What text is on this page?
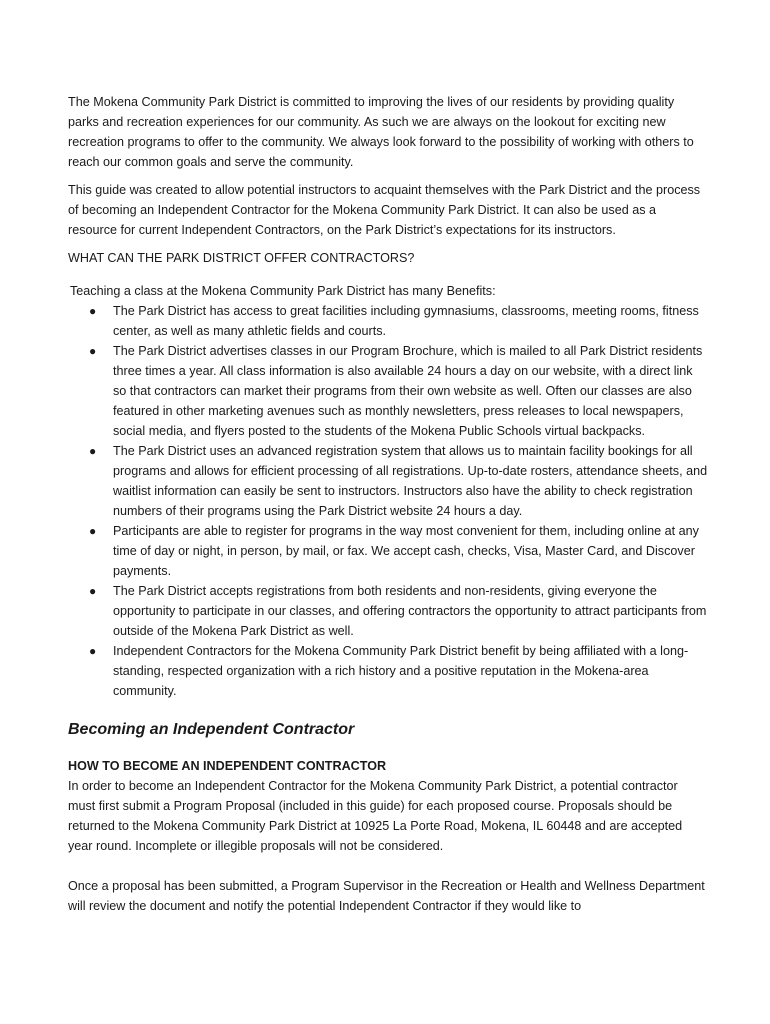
The Mokena Community Park District is committed to improving the lives of our residents by providing quality parks and recreation experiences for our community. As such we are always on the lookout for exciting new recreation programs to offer to the community. We always look forward to the possibility of working with others to reach our common goals and serve the community.

This guide was created to allow potential instructors to acquaint themselves with the Park District and the process of becoming an Independent Contractor for the Mokena Community Park District. It can also be used as a resource for current Independent Contractors, on the Park District’s expectations for its instructors.

WHAT CAN THE PARK DISTRICT OFFER CONTRACTORS?

Teaching a class at the Mokena Community Park District has many Benefits:

● The Park District has access to great facilities including gymnasiums, classrooms, meeting rooms, fitness center, as well as many athletic fields and courts.
● The Park District advertises classes in our Program Brochure, which is mailed to all Park District residents three times a year. All class information is also available 24 hours a day on our website, with a direct link so that contractors can market their programs from their own website as well. Often our classes are also featured in other marketing avenues such as monthly newsletters, press releases to local newspapers, social media, and flyers posted to the students of the Mokena Public Schools virtual backpacks.
● The Park District uses an advanced registration system that allows us to maintain facility bookings for all programs and allows for efficient processing of all registrations. Up-to-date rosters, attendance sheets, and waitlist information can easily be sent to instructors. Instructors also have the ability to check registration numbers of their programs using the Park District website 24 hours a day.
● Participants are able to register for programs in the way most convenient for them, including online at any time of day or night, in person, by mail, or fax. We accept cash, checks, Visa, Master Card, and Discover payments.
● The Park District accepts registrations from both residents and non-residents, giving everyone the opportunity to participate in our classes, and offering contractors the opportunity to attract participants from outside of the Mokena Park District as well.
● Independent Contractors for the Mokena Community Park District benefit by being affiliated with a long-standing, respected organization with a rich history and a positive reputation in the Mokena-area community.
Becoming an Independent Contractor

HOW TO BECOME AN INDEPENDENT CONTRACTOR

In order to become an Independent Contractor for the Mokena Community Park District, a potential contractor must first submit a Program Proposal (included in this guide) for each proposed course. Proposals should be returned to the Mokena Community Park District at 10925 La Porte Road, Mokena, IL 60448 and are accepted year round. Incomplete or illegible proposals will not be considered.

Once a proposal has been submitted, a Program Supervisor in the Recreation or Health and Wellness Department will review the document and notify the potential Independent Contractor if they would like to
